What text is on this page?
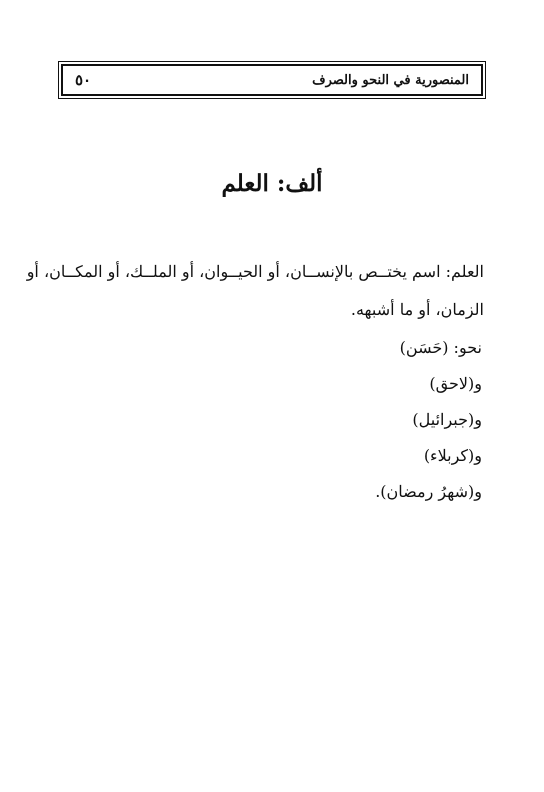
٥٠	المنصورية في النحو والصرف
ألف: العلم
العلم: اسم يختــص بالإنســان، أو الحيــوان، أو الملــك، أو المكــان، أو
الزمان، أو ما أشبهه.
نحو: (حَسَن)
و(لاحق)
و(جبرائيل)
و(كربلاء)
و(شهرُ رمضان).
